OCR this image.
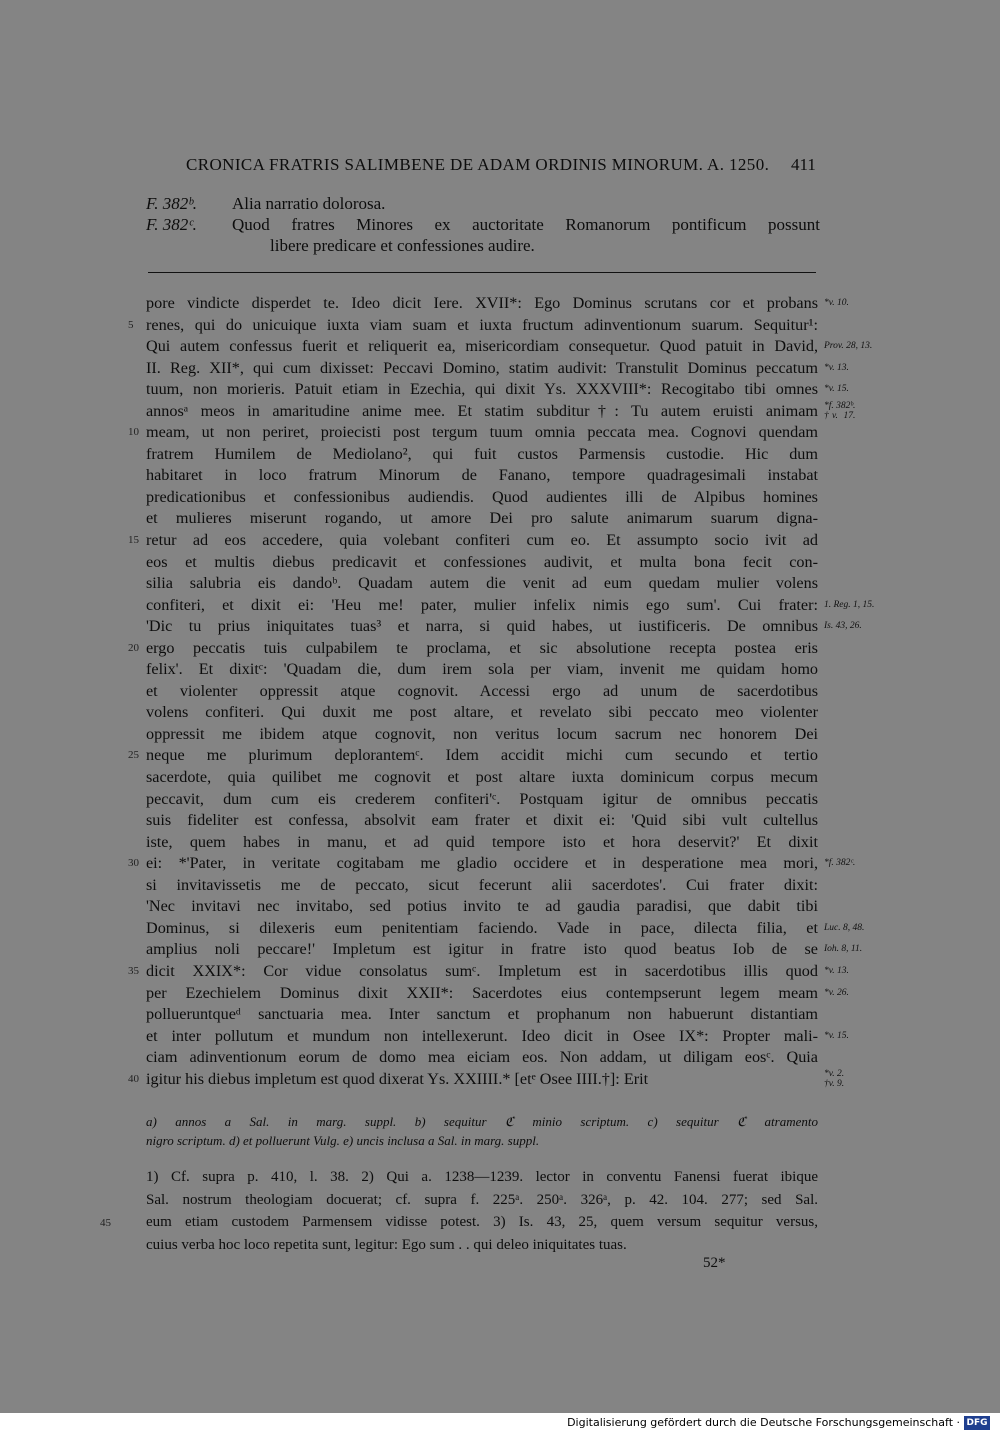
CRONICA FRATRIS SALIMBENE DE ADAM ORDINIS MINORUM. A. 1250. 411
F. 382ᵇ. Alia narratio dolorosa.
F. 382ᶜ. Quod fratres Minores ex auctoritate Romanorum pontificum possunt
libere predicare et confessiones audire.
pore vindicte disperdet te. Ideo dicit Iere. XVII*: Ego Dominus scrutans cor et probans *v. 10.
renes, qui do unicuique iuxta viam suam et iuxta fructum adinventionum suarum. Sequitur¹:
5
Qui autem confessus fuerit et reliquerit ea, misericordiam consequetur. Quod patuit in David, Prov. 28, 13.
II. Reg. XII*, qui cum dixisset: Peccavi Domino, statim audivit: Transtulit Dominus peccatum *v. 13.
tuum, non morieris. Patuit etiam in Ezechia, qui dixit Ys. XXXVIII*: Recogitabo tibi omnes *v. 15.
annosᵃ meos in amaritudine anime mee. Et statim subditur†: Tu autem eruisti animam *f. 382ᵇ.
†v. 17.
meam, ut non periret, proiecisti post tergum tuum omnia peccata mea. Cognovi quendam
10
fratrem Humilem de Mediolano², qui fuit custos Parmensis custodie. Hic dum
habitaret in loco fratrum Minorum de Fanano, tempore quadragesimali instabat
predicationibus et confessionibus audiendis. Quod audientes illi de Alpibus homines
et mulieres miserunt rogando, ut amore Dei pro salute animarum suarum digna-
retur ad eos accedere, quia volebant confiteri cum eo. Et assumpto socio ivit ad
15
eos et multis diebus predicavit et confessiones audivit, et multa bona fecit con-
silia salubria eis dandoᵇ. Quadam autem die venit ad eum quedam mulier volens
confiteri, et dixit ei: 'Heu me! pater, mulier infelix nimis ego sum'. Cui frater: 1. Reg. 1, 15.
'Dic tu prius iniquitates tuas³ et narra, si quid habes, ut iustificeris. De omnibus Is. 43, 26.
ergo peccatis tuis culpabilem te proclama, et sic absolutione recepta postea eris
20
felix'. Et dixitᶜ: 'Quadam die, dum irem sola per viam, invenit me quidam homo
et violenter oppressit atque cognovit. Accessi ergo ad unum de sacerdotibus
volens confiteri. Qui duxit me post altare, et revelato sibi peccato meo violenter
oppressit me ibidem atque cognovit, non veritus locum sacrum nec honorem Dei
neque me plurimum deplorantemᶜ. Idem accidit michi cum secundo et tertio
25
sacerdote, quia quilibet me cognovit et post altare iuxta dominicum corpus mecum
peccavit, dum cum eis crederem confiteri'ᶜ. Postquam igitur de omnibus peccatis
suis fideliter est confessa, absolvit eam frater et dixit ei: 'Quid sibi vult cultellus
iste, quem habes in manu, et ad quid tempore isto et hora deservit?' Et dixit
ei: *'Pater, in veritate cogitabam me gladio occidere et in desperatione mea mori,
30	*f. 382ᶜ.
si invitavissetis me de peccato, sicut fecerunt alii sacerdotes'. Cui frater dixit:
'Nec invitavi nec invitabo, sed potius invito te ad gaudia paradisi, que dabit tibi
Dominus, si dilexeris eum penitentiam faciendo. Vade in pace, dilecta filia, et Luc. 8, 48.
amplius noli peccare!' Impletum est igitur in fratre isto quod beatus Iob de se Ioh. 8, 11.
dicit XXIX*: Cor vidue consolatus sumᶜ. Impletum est in sacerdotibus illis quod
35	*v. 13.
per Ezechielem Dominus dixit XXII*: Sacerdotes eius contempserunt legem meam *v. 26.
pollueruntqueᵈ sanctuaria mea. Inter sanctum et prophanum non habuerunt distantiam
et inter pollutum et mundum non intellexerunt. Ideo dicit in Osee IX*: Propter mali- *v. 15.
ciam adinventionum eorum de domo mea eiciam eos. Non addam, ut diligam eosᶜ. Quia
igitur his diebus impletum est quod dixerat Ys. XXIIII.* [etᵉ Osee IIII.†]: Erit
40	*v. 2.
†v. 9.
a) annos a Sal. in marg. suppl. b) sequitur ℭ minio scriptum. c) sequitur ℭ atramento
nigro scriptum. d) et polluerunt Vulg. e) uncis inclusa a Sal. in marg. suppl.
1) Cf. supra p. 410, l. 38. 2) Qui a. 1238—1239. lector in conventu Fanensi fuerat ibique
Sal. nostrum theologiam docuerat; cf. supra f. 225ᵃ. 250ᵃ. 326ᵃ, p. 42. 104. 277; sed Sal.
eum etiam custodem Parmensem vidisse potest. 3) Is. 43, 25, quem versum sequitur versus,
45
cuius verba hoc loco repetita sunt, legitur: Ego sum . . qui deleo iniquitates tuas.
52*
Digitalisierung gefördert durch die Deutsche Forschungsgemeinschaft · DFG
